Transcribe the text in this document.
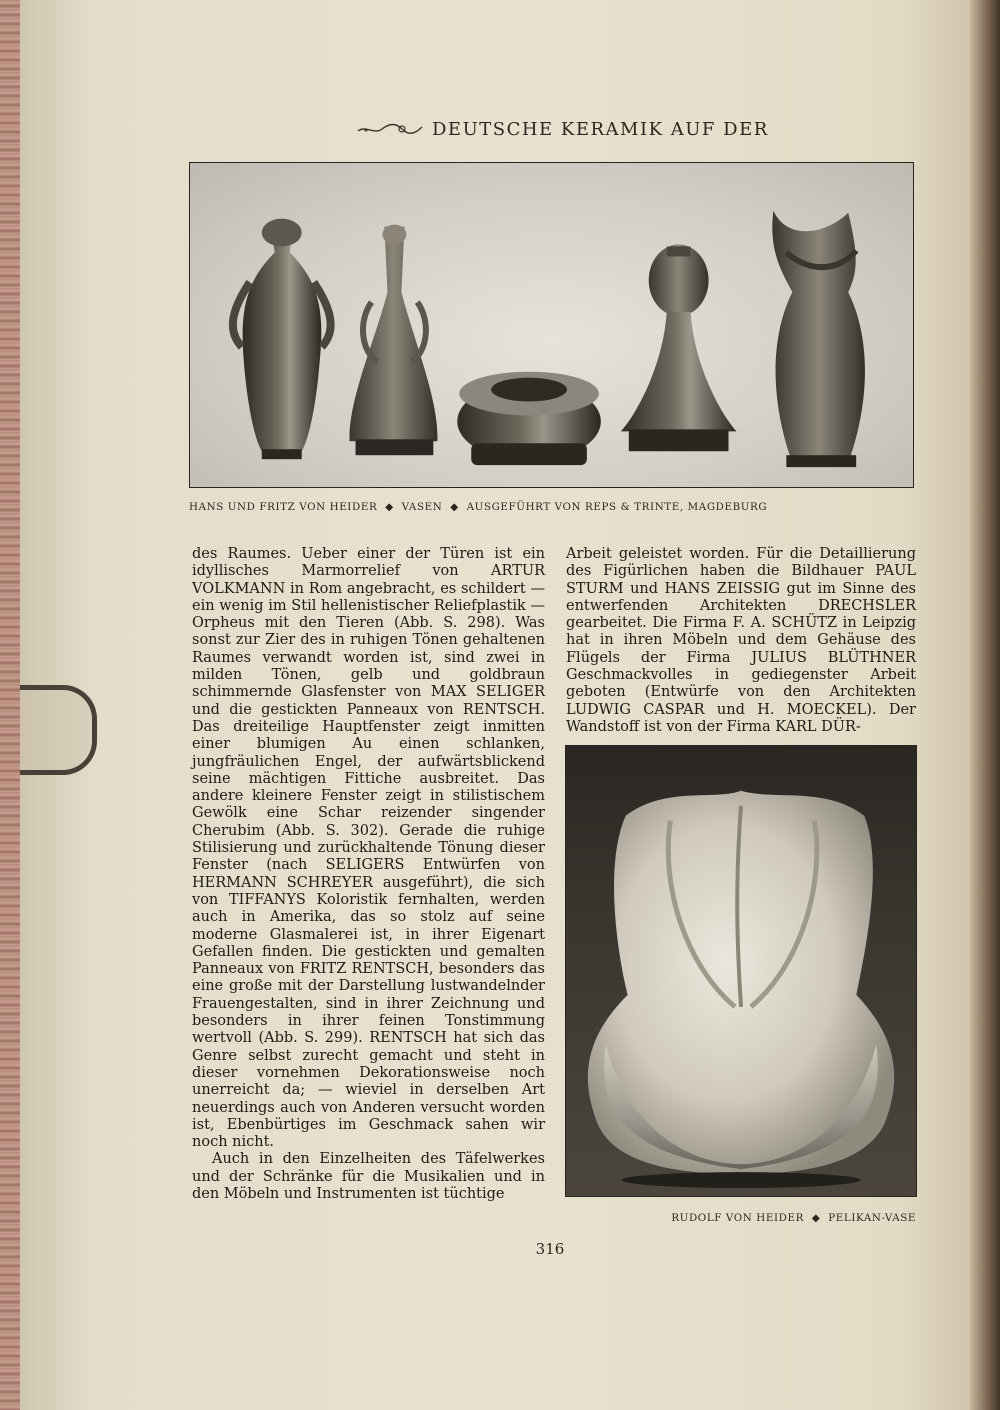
DEUTSCHE KERAMIK AUF DER
HANS UND FRITZ VON HEIDER ◆ VASEN ◆ AUSGEFÜHRT VON REPS & TRINTE, MAGDEBURG

des Raumes. Ueber einer der Türen ist ein idyllisches Marmorrelief von ARTUR VOLKMANN in Rom angebracht, es schildert — ein wenig im Stil hellenistischer Reliefplastik — Orpheus mit den Tieren (Abb. S. 298). Was sonst zur Zier des in ruhigen Tönen gehaltenen Raumes verwandt worden ist, sind zwei in milden Tönen, gelb und goldbraun schimmernde Glasfenster von MAX SELIGER und die gestickten Panneaux von RENTSCH. Das dreiteilige Hauptfenster zeigt inmitten einer blumigen Au einen schlanken, jungfräulichen Engel, der aufwärtsblickend seine mächtigen Fittiche ausbreitet. Das andere kleinere Fenster zeigt in stilistischem Gewölk eine Schar reizender singender Cherubim (Abb. S. 302). Gerade die ruhige Stilisierung und zurückhaltende Tönung dieser Fenster (nach SELIGERS Entwürfen von HERMANN SCHREYER ausgeführt), die sich von TIFFANYS Koloristik fernhalten, werden auch in Amerika, das so stolz auf seine moderne Glasmalerei ist, in ihrer Eigenart Gefallen finden. Die gestickten und gemalten Panneaux von FRITZ RENTSCH, besonders das eine große mit der Darstellung lustwandelnder Frauengestalten, sind in ihrer Zeichnung und besonders in ihrer feinen Tonstimmung wertvoll (Abb. S. 299). RENTSCH hat sich das Genre selbst zurecht gemacht und steht in dieser vornehmen Dekorationsweise noch unerreicht da; — wieviel in derselben Art neuerdings auch von Anderen versucht worden ist, Ebenbürtiges im Geschmack sahen wir noch nicht.

Auch in den Einzelheiten des Täfelwerkes und der Schränke für die Musikalien und in den Möbeln und Instrumenten ist tüchtige

Arbeit geleistet worden. Für die Detaillierung des Figürlichen haben die Bildhauer PAUL STURM und HANS ZEISSIG gut im Sinne des entwerfenden Architekten DRECHSLER gearbeitet. Die Firma F. A. SCHÜTZ in Leipzig hat in ihren Möbeln und dem Gehäuse des Flügels der Firma JULIUS BLÜTHNER Geschmackvolles in gediegenster Arbeit geboten (Entwürfe von den Architekten LUDWIG CASPAR und H. MOECKEL). Der Wandstoff ist von der Firma KARL DÜR-

RUDOLF VON HEIDER ◆ PELIKAN-VASE
316
